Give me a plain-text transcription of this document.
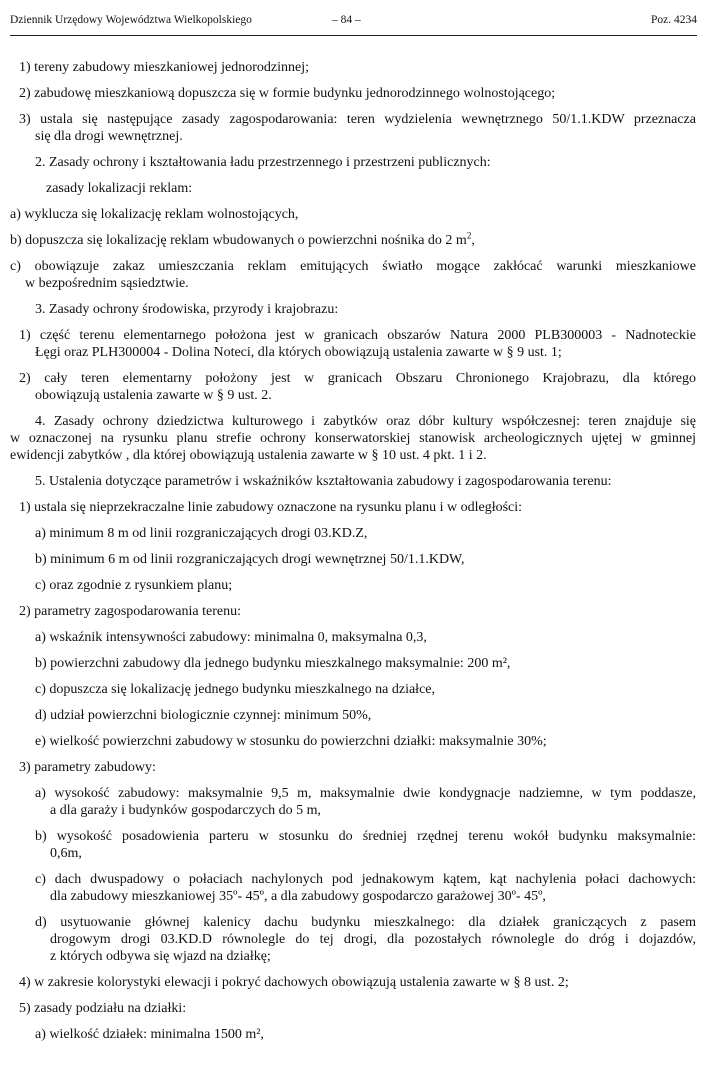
Dziennik Urzędowy Województwa Wielkopolskiego	– 84 –	Poz. 4234
1) tereny zabudowy mieszkaniowej jednorodzinnej;
2) zabudowę mieszkaniową dopuszcza się w formie budynku jednorodzinnego wolnostojącego;
3) ustala się następujące zasady zagospodarowania: teren wydzielenia wewnętrznego 50/1.1.KDW przeznacza
się dla drogi wewnętrznej.
2. Zasady ochrony i kształtowania ładu przestrzennego i przestrzeni publicznych:
zasady lokalizacji reklam:
a) wyklucza się lokalizację reklam wolnostojących,
b) dopuszcza się lokalizację reklam wbudowanych o powierzchni nośnika do 2 $m^2$,
c) obowiązuje zakaz umieszczania reklam emitujących światło mogące zakłócać warunki mieszkaniowe
w bezpośrednim sąsiedztwie.
3. Zasady ochrony środowiska, przyrody i krajobrazu:
1) część terenu elementarnego położona jest w granicach obszarów Natura 2000 PLB300003 - Nadnoteckie
Łęgi oraz PLH300004 - Dolina Noteci, dla których obowiązują ustalenia zawarte w § 9 ust. 1;
2) cały teren elementarny położony jest w granicach Obszaru Chronionego Krajobrazu, dla którego
obowiązują ustalenia zawarte w § 9 ust. 2.
4. Zasady ochrony dziedzictwa kulturowego i zabytków oraz dóbr kultury współczesnej: teren znajduje się
w oznaczonej na rysunku planu strefie ochrony konserwatorskiej stanowisk archeologicznych ujętej w gminnej
ewidencji zabytków , dla której obowiązują ustalenia zawarte w § 10 ust. 4 pkt. 1 i 2.
5. Ustalenia dotyczące parametrów i wskaźników kształtowania zabudowy i zagospodarowania terenu:
1) ustala się nieprzekraczalne linie zabudowy oznaczone na rysunku planu i w odległości:
a) minimum 8 m od linii rozgraniczających drogi 03.KD.Z,
b) minimum 6 m od linii rozgraniczających drogi wewnętrznej 50/1.1.KDW,
c) oraz zgodnie z rysunkiem planu;
2) parametry zagospodarowania terenu:
a) wskaźnik intensywności zabudowy: minimalna 0, maksymalna 0,3,
b) powierzchni zabudowy dla jednego budynku mieszkalnego maksymalnie: 200 m²,
c) dopuszcza się lokalizację jednego budynku mieszkalnego na działce,
d) udział powierzchni biologicznie czynnej: minimum 50%,
e) wielkość powierzchni zabudowy w stosunku do powierzchni działki: maksymalnie 30%;
3) parametry zabudowy:
a) wysokość zabudowy: maksymalnie 9,5 m, maksymalnie dwie kondygnacje nadziemne, w tym poddasze,
a dla garaży i budynków gospodarczych do 5 m,
b) wysokość posadowienia parteru w stosunku do średniej rzędnej terenu wokół budynku maksymalnie:
0,6m,
c) dach dwuspadowy o połaciach nachylonych pod jednakowym kątem, kąt nachylenia połaci dachowych:
dla zabudowy mieszkaniowej 35º- 45º, a dla zabudowy gospodarczo garażowej 30º- 45º,
d) usytuowanie głównej kalenicy dachu budynku mieszkalnego: dla działek graniczących z pasem
drogowym drogi 03.KD.D równolegle do tej drogi, dla pozostałych równolegle do dróg i dojazdów,
z których odbywa się wjazd na działkę;
4) w zakresie kolorystyki elewacji i pokryć dachowych obowiązują ustalenia zawarte w § 8 ust. 2;
5) zasady podziału na działki:
a) wielkość działek: minimalna 1500 m²,
